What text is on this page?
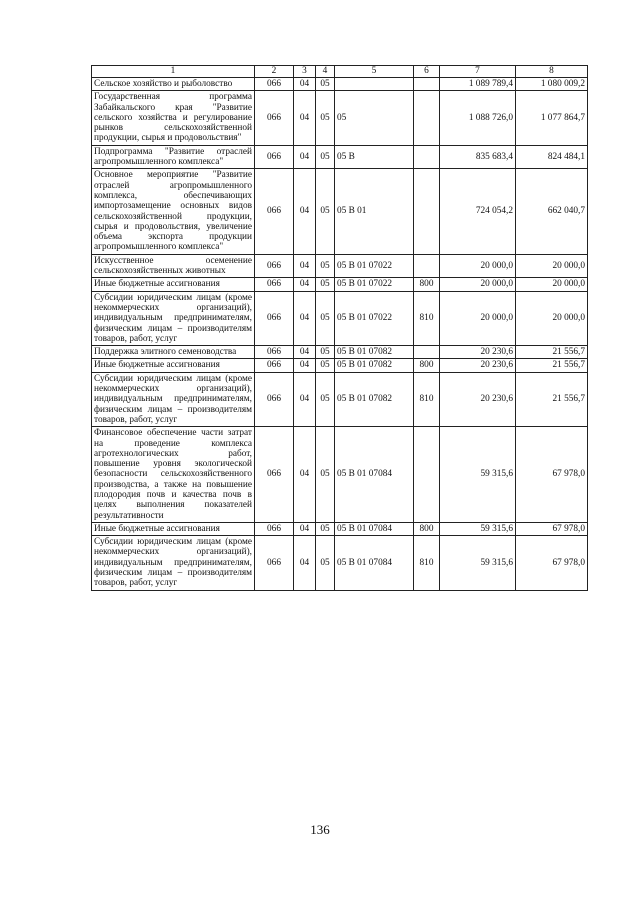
1	2	3	4	5	6	7	8
Сельское хозяйство и рыболовство	066	04	05			1 089 789,4	1 080 009,2
Государственная программа Забайкальского края "Развитие сельского хозяйства и регулирование рынков сельскохозяйственной продукции, сырья и продовольствия"	066	04	05	05		1 088 726,0	1 077 864,7
Подпрограмма "Развитие отраслей агропромышленного комплекса"	066	04	05	05 В		835 683,4	824 484,1
Основное мероприятие "Развитие отраслей агропромышленного комплекса, обеспечивающих импортозамещение основных видов сельскохозяйственной продукции, сырья и продовольствия, увеличение объема экспорта продукции агропромышленного комплекса"	066	04	05	05 В 01		724 054,2	662 040,7
Искусственное осеменение сельскохозяйственных животных	066	04	05	05 В 01 07022		20 000,0	20 000,0
Иные бюджетные ассигнования	066	04	05	05 В 01 07022	800	20 000,0	20 000,0
Субсидии юридическим лицам (кроме некоммерческих организаций), индивидуальным предпринимателям, физическим лицам – производителям товаров, работ, услуг	066	04	05	05 В 01 07022	810	20 000,0	20 000,0
Поддержка элитного семеноводства	066	04	05	05 В 01 07082		20 230,6	21 556,7
Иные бюджетные ассигнования	066	04	05	05 В 01 07082	800	20 230,6	21 556,7
Субсидии юридическим лицам (кроме некоммерческих организаций), индивидуальным предпринимателям, физическим лицам – производителям товаров, работ, услуг	066	04	05	05 В 01 07082	810	20 230,6	21 556,7
Финансовое обеспечение части затрат на проведение комплекса агротехнологических работ, повышение уровня экологической безопасности сельскохозяйственного производства, а также на повышение плодородия почв и качества почв в целях выполнения показателей результативности	066	04	05	05 В 01 07084		59 315,6	67 978,0
Иные бюджетные ассигнования	066	04	05	05 В 01 07084	800	59 315,6	67 978,0
Субсидии юридическим лицам (кроме некоммерческих организаций), индивидуальным предпринимателям, физическим лицам – производителям товаров, работ, услуг	066	04	05	05 В 01 07084	810	59 315,6	67 978,0
136
